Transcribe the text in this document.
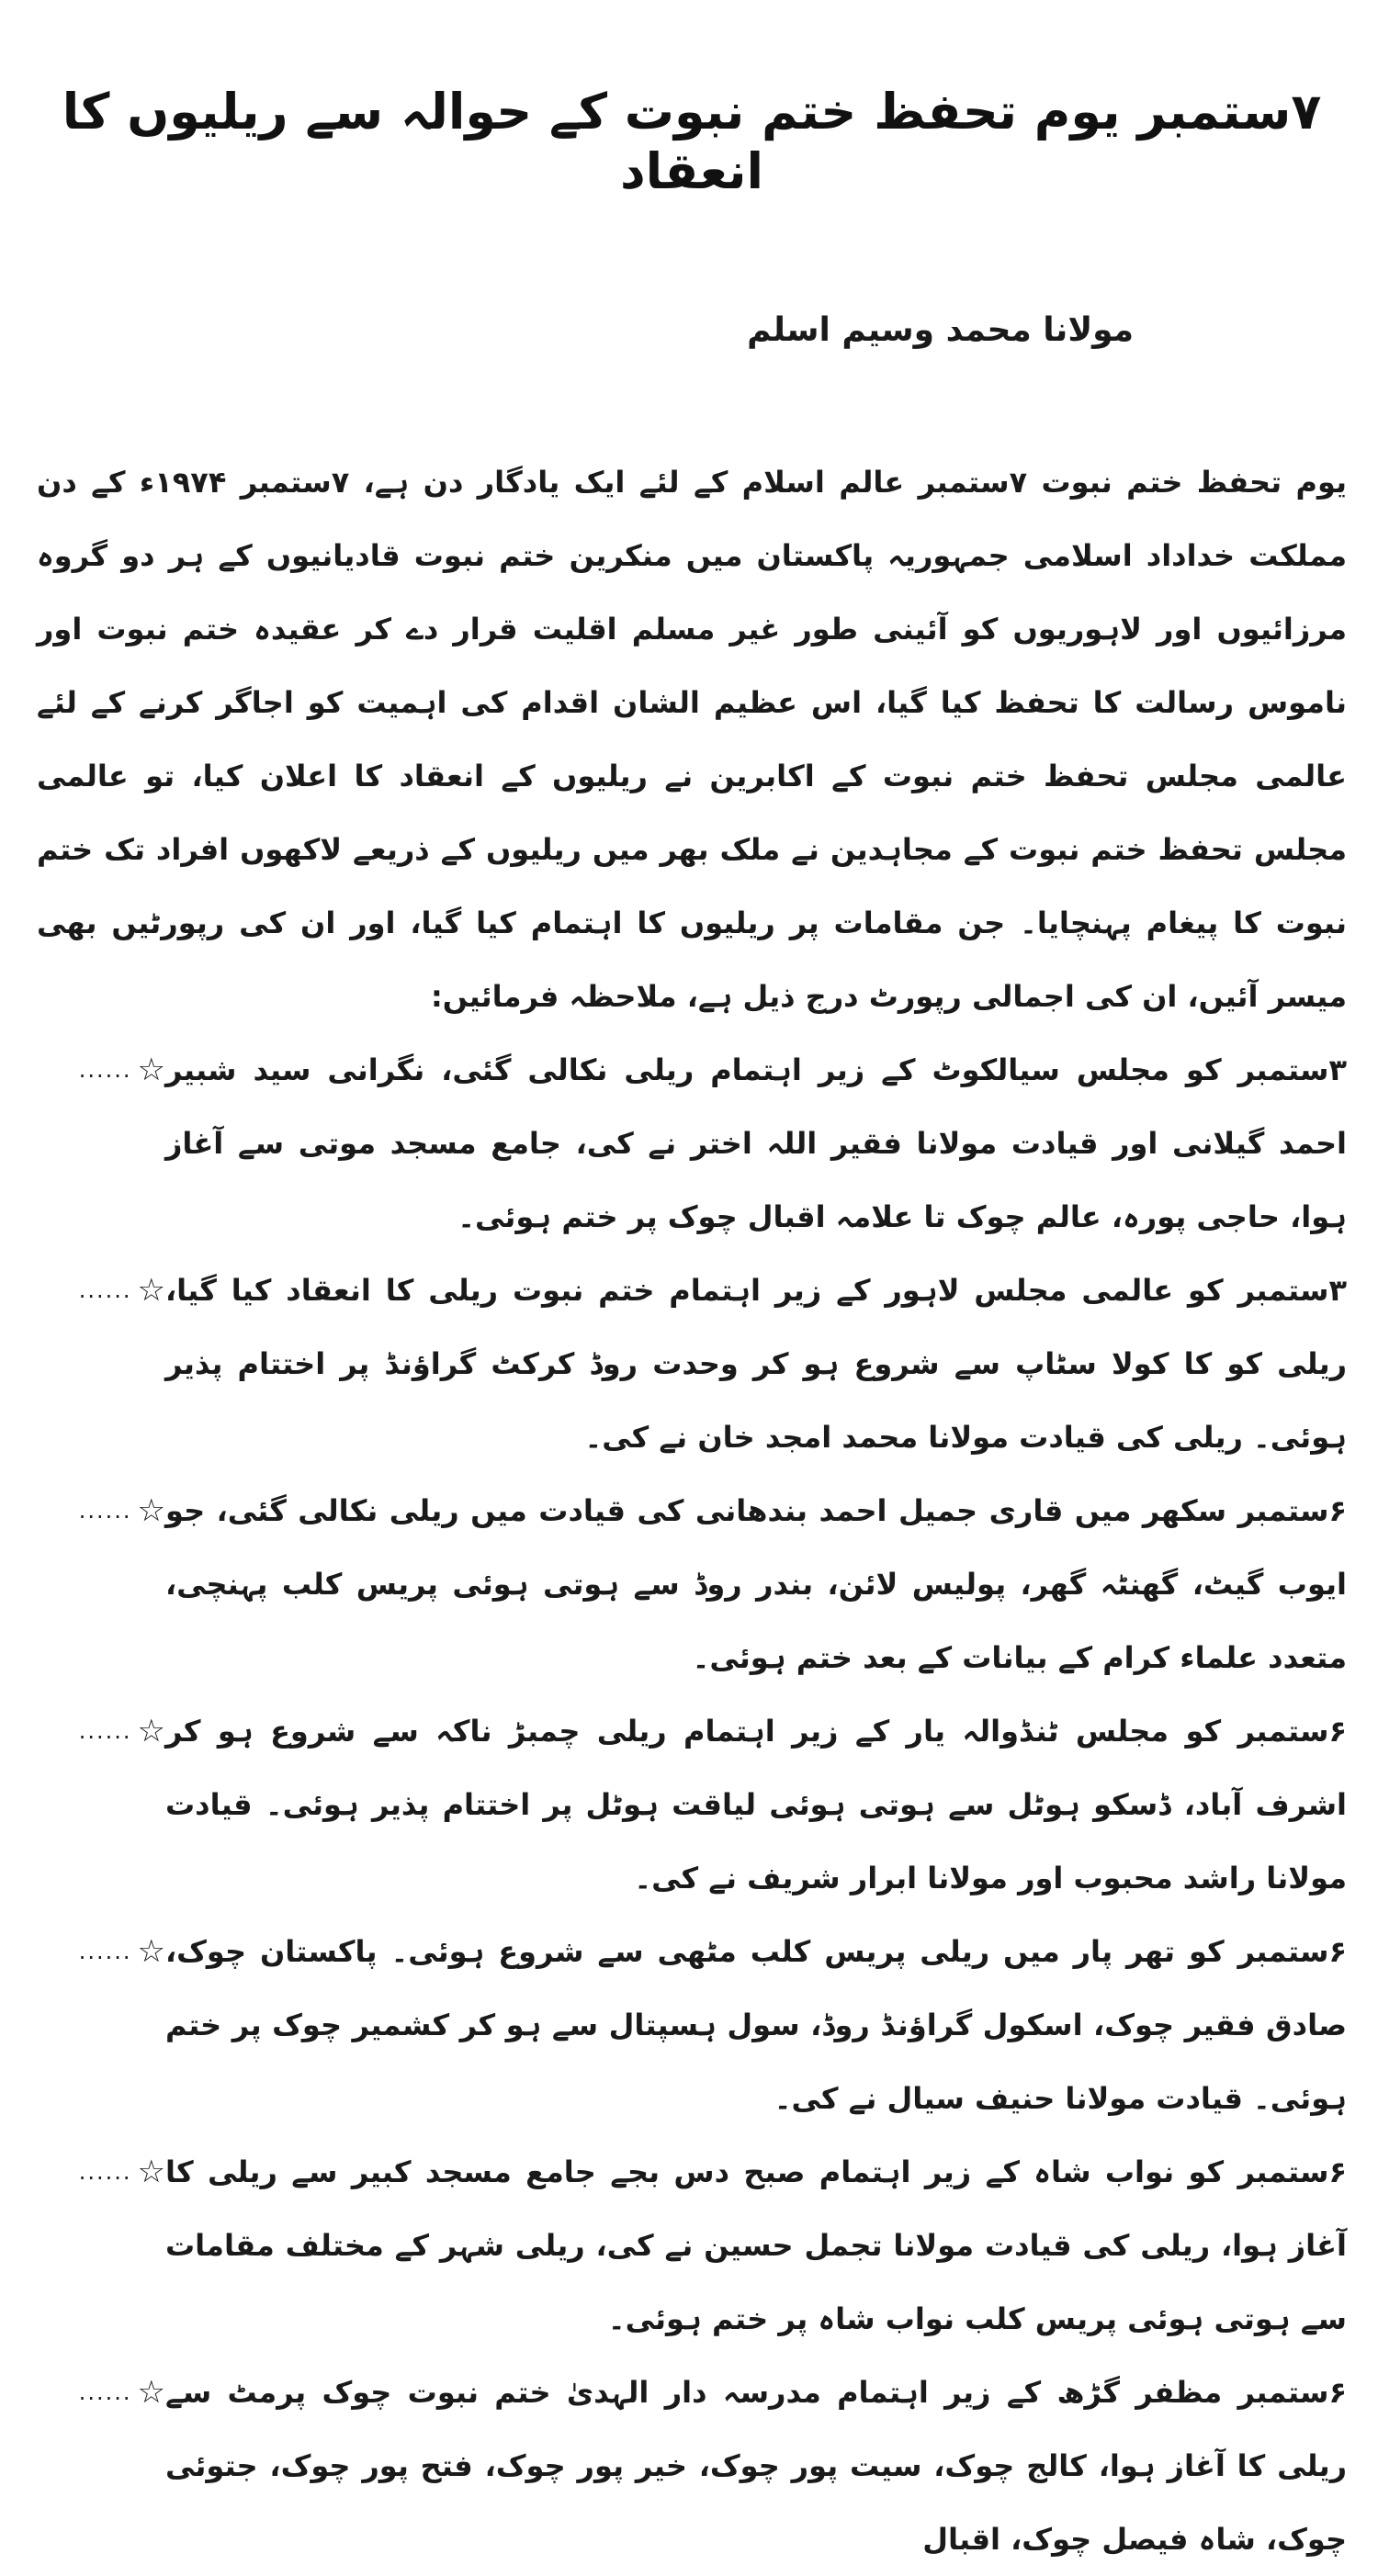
۷ستمبر یوم تحفظ ختم نبوت کے حوالہ سے ریلیوں کا انعقاد
مولانا محمد وسیم اسلم

یوم تحفظ ختم نبوت ۷ستمبر عالم اسلام کے لئے ایک یادگار دن ہے، ۷ستمبر ۱۹۷۴ء کے دن مملکت خداداد اسلامی جمہوریہ پاکستان میں منکرین ختم نبوت قادیانیوں کے ہر دو گروہ مرزائیوں اور لاہوریوں کو آئینی طور غیر مسلم اقلیت قرار دے کر عقیدہ ختم نبوت اور ناموس رسالت کا تحفظ کیا گیا، اس عظیم الشان اقدام کی اہمیت کو اجاگر کرنے کے لئے عالمی مجلس تحفظ ختم نبوت کے اکابرین نے ریلیوں کے انعقاد کا اعلان کیا، تو عالمی مجلس تحفظ ختم نبوت کے مجاہدین نے ملک بھر میں ریلیوں کے ذریعے لاکھوں افراد تک ختم نبوت کا پیغام پہنچایا۔ جن مقامات پر ریلیوں کا اہتمام کیا گیا، اور ان کی رپورٹیں بھی میسر آئیں، ان کی اجمالی رپورٹ درج ذیل ہے، ملاحظہ فرمائیں:

☆
...... ۳ستمبر کو مجلس سیالکوٹ کے زیر اہتمام ریلی نکالی گئی، نگرانی سید شبیر احمد گیلانی اور قیادت مولانا فقیر اللہ اختر نے کی، جامع مسجد موتی سے آغاز ہوا، حاجی پورہ، عالم چوک تا علامہ اقبال چوک پر ختم ہوئی۔
☆
...... ۳ستمبر کو عالمی مجلس لاہور کے زیر اہتمام ختم نبوت ریلی کا انعقاد کیا گیا، ریلی کو کا کولا سٹاپ سے شروع ہو کر وحدت روڈ کرکٹ گراؤنڈ پر اختتام پذیر ہوئی۔ ریلی کی قیادت مولانا محمد امجد خان نے کی۔
☆
...... ۶ستمبر سکھر میں قاری جمیل احمد بندھانی کی قیادت میں ریلی نکالی گئی، جو ایوب گیٹ، گھنٹہ گھر، پولیس لائن، بندر روڈ سے ہوتی ہوئی پریس کلب پہنچی، متعدد علماء کرام کے بیانات کے بعد ختم ہوئی۔
☆
...... ۶ستمبر کو مجلس ٹنڈوالہ یار کے زیر اہتمام ریلی چمبڑ ناکہ سے شروع ہو کر اشرف آباد، ڈسکو ہوٹل سے ہوتی ہوئی لیاقت ہوٹل پر اختتام پذیر ہوئی۔ قیادت مولانا راشد محبوب اور مولانا ابرار شریف نے کی۔
☆
...... ۶ستمبر کو تھر پار میں ریلی پریس کلب مٹھی سے شروع ہوئی۔ پاکستان چوک، صادق فقیر چوک، اسکول گراؤنڈ روڈ، سول ہسپتال سے ہو کر کشمیر چوک پر ختم ہوئی۔ قیادت مولانا حنیف سیال نے کی۔
☆
...... ۶ستمبر کو نواب شاہ کے زیر اہتمام صبح دس بجے جامع مسجد کبیر سے ریلی کا آغاز ہوا، ریلی کی قیادت مولانا تجمل حسین نے کی، ریلی شہر کے مختلف مقامات سے ہوتی ہوئی پریس کلب نواب شاہ پر ختم ہوئی۔
☆
...... ۶ستمبر مظفر گڑھ کے زیر اہتمام مدرسہ دار الہدیٰ ختم نبوت چوک پرمٹ سے ریلی کا آغاز ہوا، کالج چوک، سیت پور چوک، خیر پور چوک، فتح پور چوک، جتوئی چوک، شاہ فیصل چوک، اقبال
